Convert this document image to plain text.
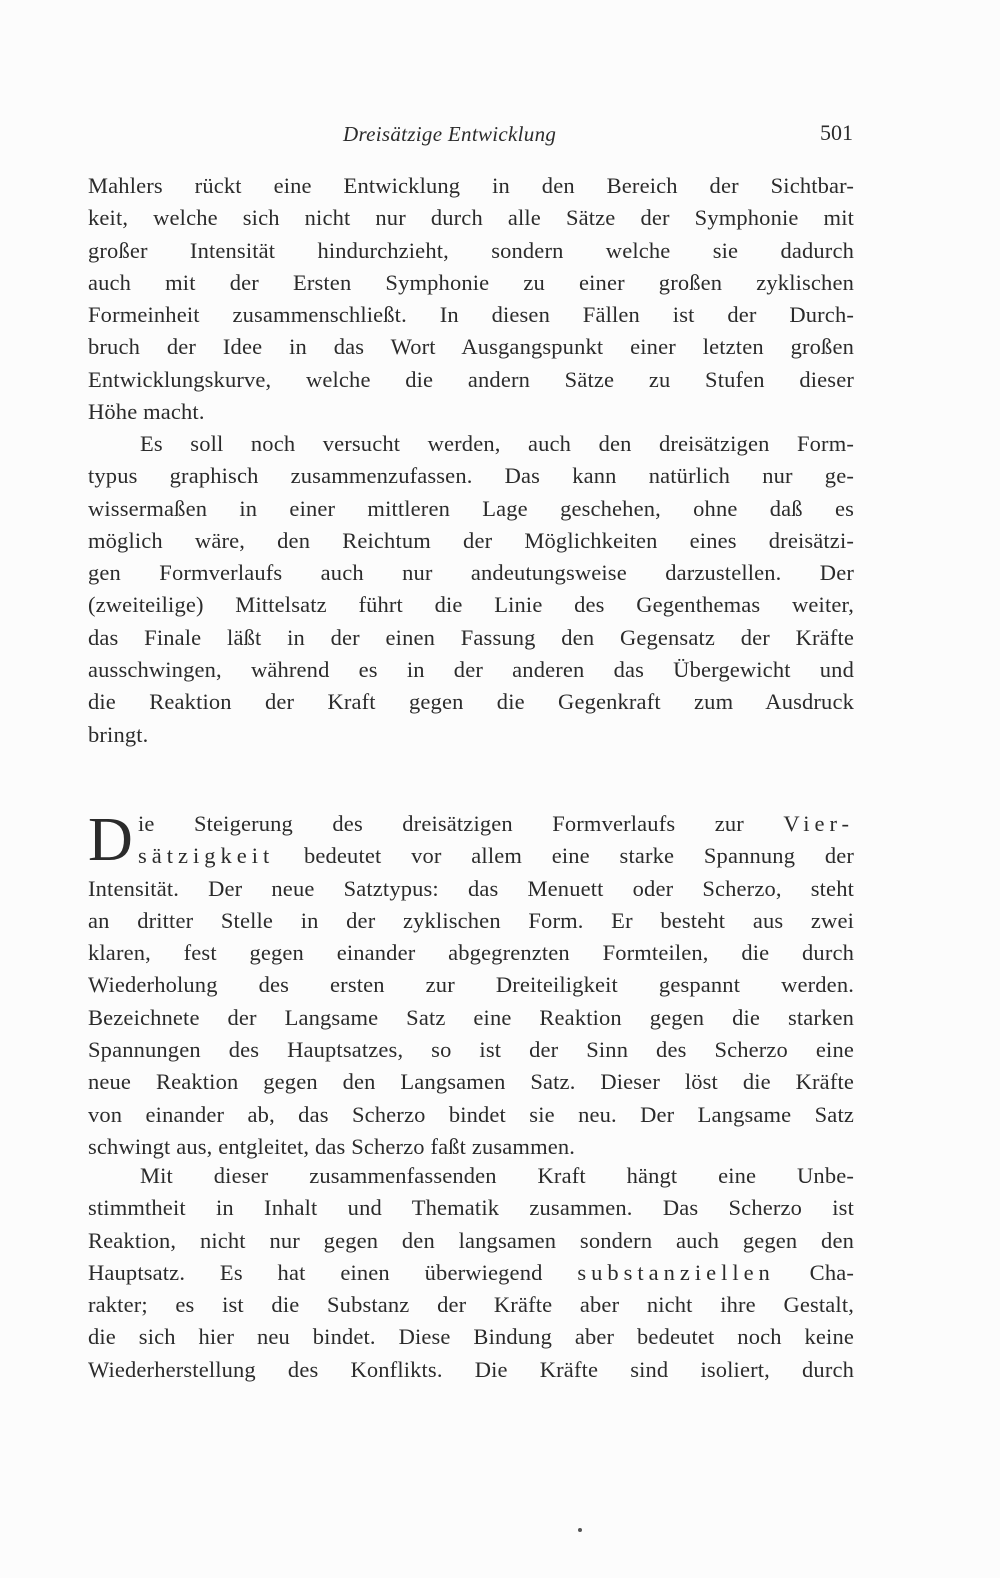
Dreisätzige Entwicklung	501
Mahlers rückt eine Entwicklung in den Bereich der Sichtbar-
keit, welche sich nicht nur durch alle Sätze der Symphonie mit
großer Intensität hindurchzieht, sondern welche sie dadurch
auch mit der Ersten Symphonie zu einer großen zyklischen
Formeinheit zusammenschließt. In diesen Fällen ist der Durch-
bruch der Idee in das Wort Ausgangspunkt einer letzten großen
Entwicklungskurve, welche die andern Sätze zu Stufen dieser
Höhe macht.
Es soll noch versucht werden, auch den dreisätzigen Form-
typus graphisch zusammenzufassen. Das kann natürlich nur ge-
wissermaßen in einer mittleren Lage geschehen, ohne daß es
möglich wäre, den Reichtum der Möglichkeiten eines dreisätzi-
gen Formverlaufs auch nur andeutungsweise darzustellen. Der
(zweiteilige) Mittelsatz führt die Linie des Gegenthemas weiter,
das Finale läßt in der einen Fassung den Gegensatz der Kräfte
ausschwingen, während es in der anderen das Übergewicht und
die Reaktion der Kraft gegen die Gegenkraft zum Ausdruck
bringt.
D ie Steigerung des dreisätzigen Formverlaufs zur Vier-
sätzigkeit bedeutet vor allem eine starke Spannung der
Intensität. Der neue Satztypus: das Menuett oder Scherzo, steht
an dritter Stelle in der zyklischen Form. Er besteht aus zwei
klaren, fest gegen einander abgegrenzten Formteilen, die durch
Wiederholung des ersten zur Dreiteiligkeit gespannt werden.
Bezeichnete der Langsame Satz eine Reaktion gegen die starken
Spannungen des Hauptsatzes, so ist der Sinn des Scherzo eine
neue Reaktion gegen den Langsamen Satz. Dieser löst die Kräfte
von einander ab, das Scherzo bindet sie neu. Der Langsame Satz
schwingt aus, entgleitet, das Scherzo faßt zusammen.
Mit dieser zusammenfassenden Kraft hängt eine Unbe-
stimmtheit in Inhalt und Thematik zusammen. Das Scherzo ist
Reaktion, nicht nur gegen den langsamen sondern auch gegen den
Hauptsatz. Es hat einen überwiegend substanziellen Cha-
rakter; es ist die Substanz der Kräfte aber nicht ihre Gestalt,
die sich hier neu bindet. Diese Bindung aber bedeutet noch keine
Wiederherstellung des Konflikts. Die Kräfte sind isoliert, durch
